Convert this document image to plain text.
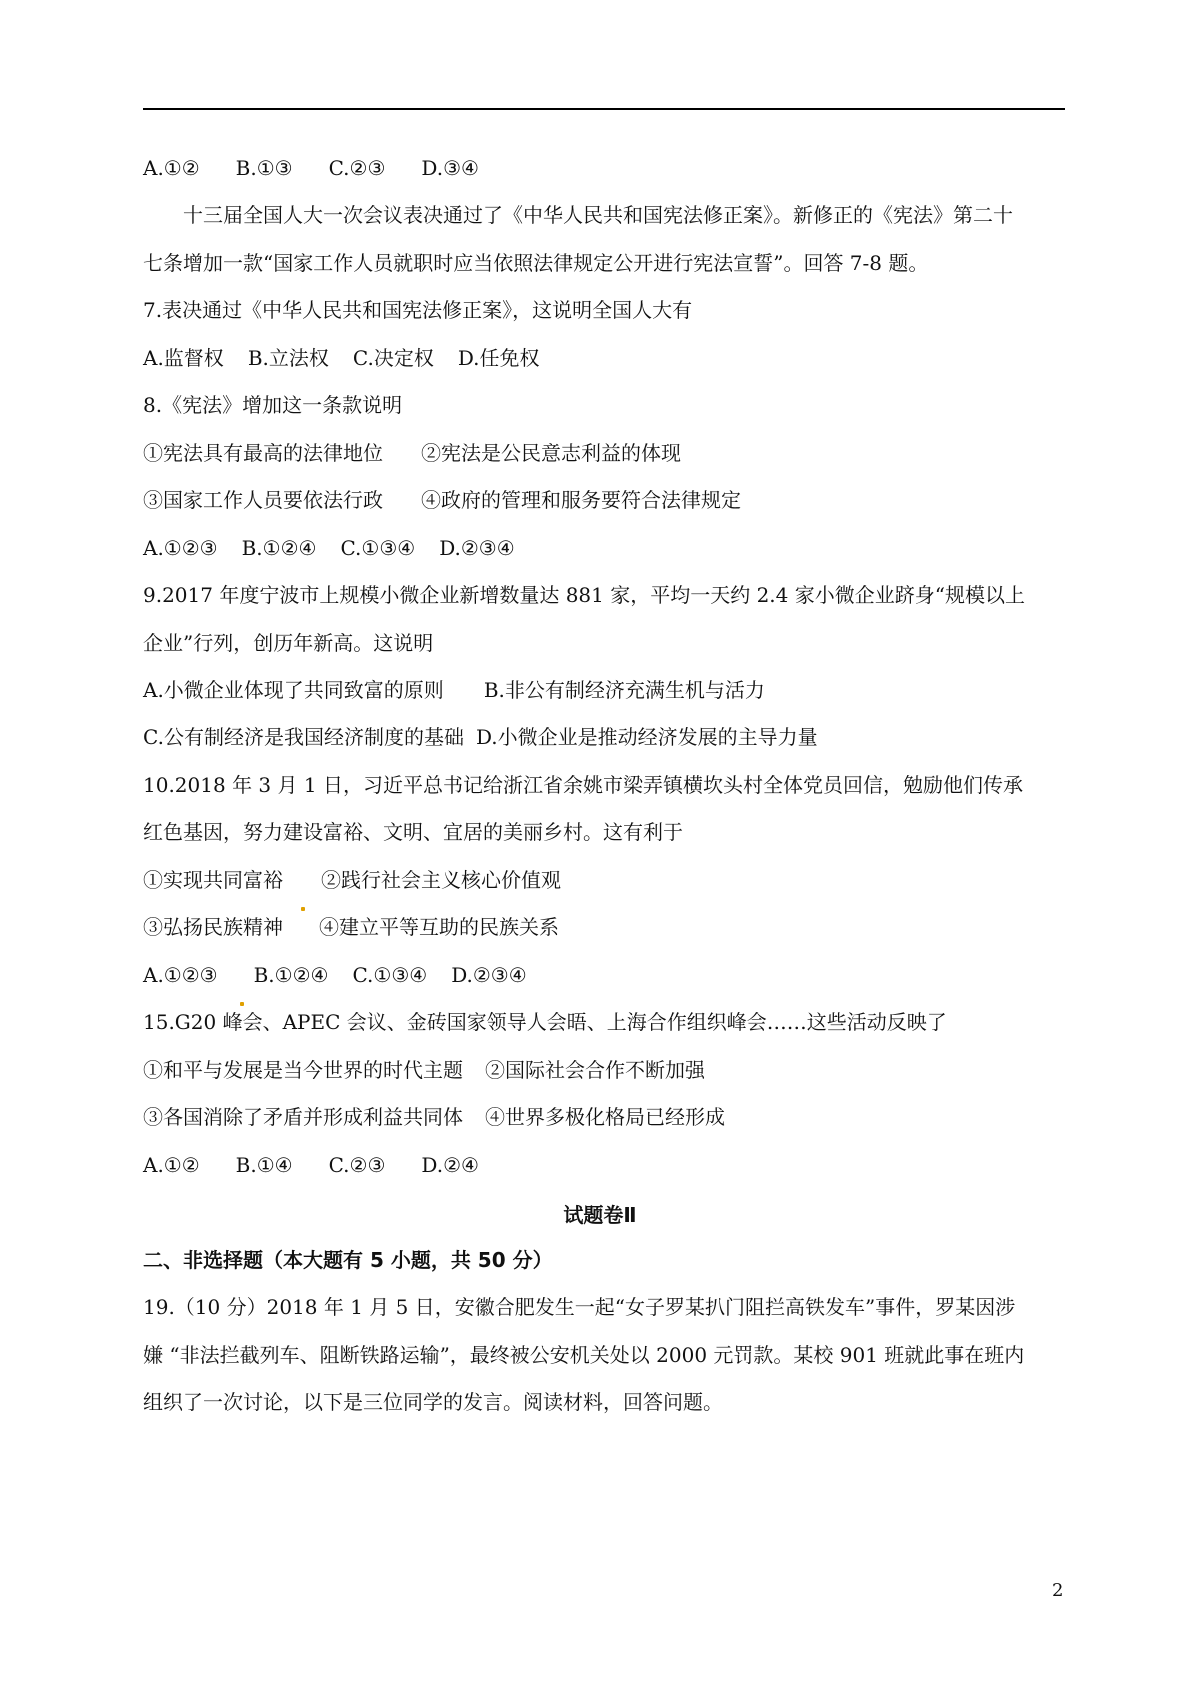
A.①② B.①③ C.②③ D.③④
十三届全国人大一次会议表决通过了《中华人民共和国宪法修正案》。新修正的《宪法》第二十
七条增加一款“国家工作人员就职时应当依照法律规定公开进行宪法宣誓”。回答 7-8 题。
7.表决通过《中华人民共和国宪法修正案》，这说明全国人大有
A.监督权 B.立法权 C.决定权 D.任免权
8.《宪法》增加这一条款说明
①宪法具有最高的法律地位 ②宪法是公民意志利益的体现
③国家工作人员要依法行政 ④政府的管理和服务要符合法律规定
A.①②③ B.①②④ C.①③④ D.②③④
9.2017 年度宁波市上规模小微企业新增数量达 881 家，平均一天约 2.4 家小微企业跻身“规模以上
企业”行列，创历年新高。这说明
A.小微企业体现了共同致富的原则 B.非公有制经济充满生机与活力
C.公有制经济是我国经济制度的基础 D.小微企业是推动经济发展的主导力量
10.2018 年 3 月 1 日，习近平总书记给浙江省余姚市梁弄镇横坎头村全体党员回信，勉励他们传承
红色基因，努力建设富裕、文明、宜居的美丽乡村。这有利于
①实现共同富裕 ②践行社会主义核心价值观
③弘扬民族精神 ④建立平等互助的民族关系
A.①②③ B.①②④ C.①③④ D.②③④
15.G20 峰会、APEC 会议、金砖国家领导人会晤、上海合作组织峰会……这些活动反映了
①和平与发展是当今世界的时代主题 ②国际社会合作不断加强
③各国消除了矛盾并形成利益共同体 ④世界多极化格局已经形成
A.①② B.①④ C.②③ D.②④
试题卷Ⅱ
二、非选择题（本大题有 5 小题，共 50 分）
19.（10 分）2018 年 1 月 5 日，安徽合肥发生一起“女子罗某扒门阻拦高铁发车”事件，罗某因涉
嫌 “非法拦截列车、阻断铁路运输”，最终被公安机关处以 2000 元罚款。某校 901 班就此事在班内
组织了一次讨论，以下是三位同学的发言。阅读材料，回答问题。
2
